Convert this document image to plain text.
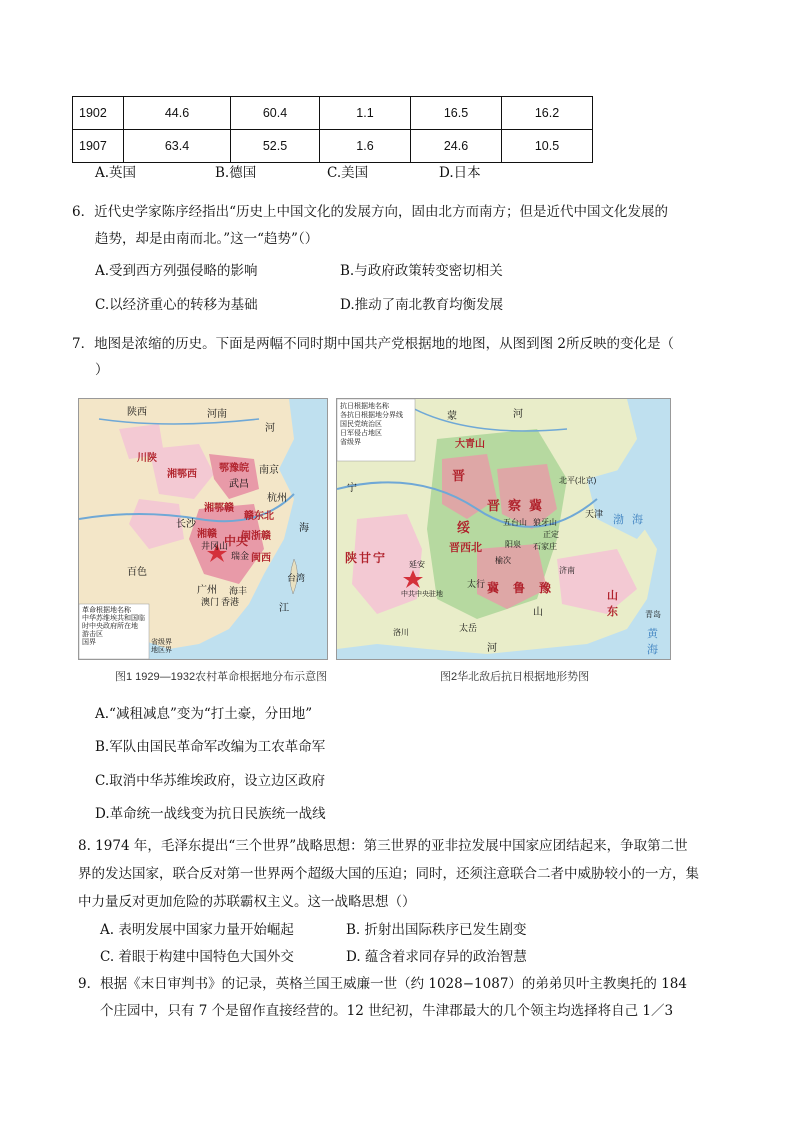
1902	44.6	60.4	1.1	16.5	16.2
1907	63.4	52.5	1.6	24.6	10.5
A.英国	B.德国	C.美国	D.日本
6．近代史学家陈序经指出“历史上中国文化的发展方向，固由北方而南方；但是近代中国文化发展的
趋势，却是由南而北。”这一“趋势”（）
A.受到西方列强侵略的影响	B.与政府政策转变密切相关
C.以经济重心的转移为基础	D.推动了南北教育均衡发展
7．地图是浓缩的历史。下面是两幅不同时期中国共产党根据地的地图，从图到图 2所反映的变化是（
）
陕西	河南
川陕
湘鄂西
鄂豫皖 南京
武昌
杭州
湘鄂赣
赣东北
长沙
闽浙赣
湘赣 中央
井冈山
瑞金 闽西
百色
广州 海丰
澳门 香港
台湾
河
江
海
革命根据地名称
中华苏维埃共和国临时中央政府所在地
游击区
国界	省级界
地区界
图1 1929—1932农村革命根据地分布示意图
抗日根据地名称
各抗日根据地分界线
国民党统治区
日军侵占地区
省级界	大青山
晋
绥
晋西北
晋察冀
五台山 狼牙山
北平(北京)
天津
正定
石家庄
阳泉
榆次
陕甘宁	延安
中共中央驻地	冀鲁豫
太行
太岳
洛川
济南
山东 青岛
渤海
黄海
宁
河
蒙
河
山
图2华北敌后抗日根据地形势图
A.“减租减息”变为“打土豪，分田地”
B.军队由国民革命军改编为工农革命军
C.取消中华苏维埃政府，设立边区政府
D.革命统一战线变为抗日民族统一战线
8. 1974 年，毛泽东提出“三个世界”战略思想：第三世界的亚非拉发展中国家应团结起来，争取第二世
界的发达国家，联合反对第一世界两个超级大国的压迫；同时，还须注意联合二者中威胁较小的一方，集
中力量反对更加危险的苏联霸权主义。这一战略思想（）
A. 表明发展中国家力量开始崛起	B. 折射出国际秩序已发生剧变
C. 着眼于构建中国特色大国外交	D. 蕴含着求同存异的政治智慧
9．根据《末日审判书》的记录，英格兰国王威廉一世（约 1028−1087）的弟弟贝叶主教奥托的 184
个庄园中，只有 7 个是留作直接经营的。12 世纪初，牛津郡最大的几个领主均选择将自己 1／3
